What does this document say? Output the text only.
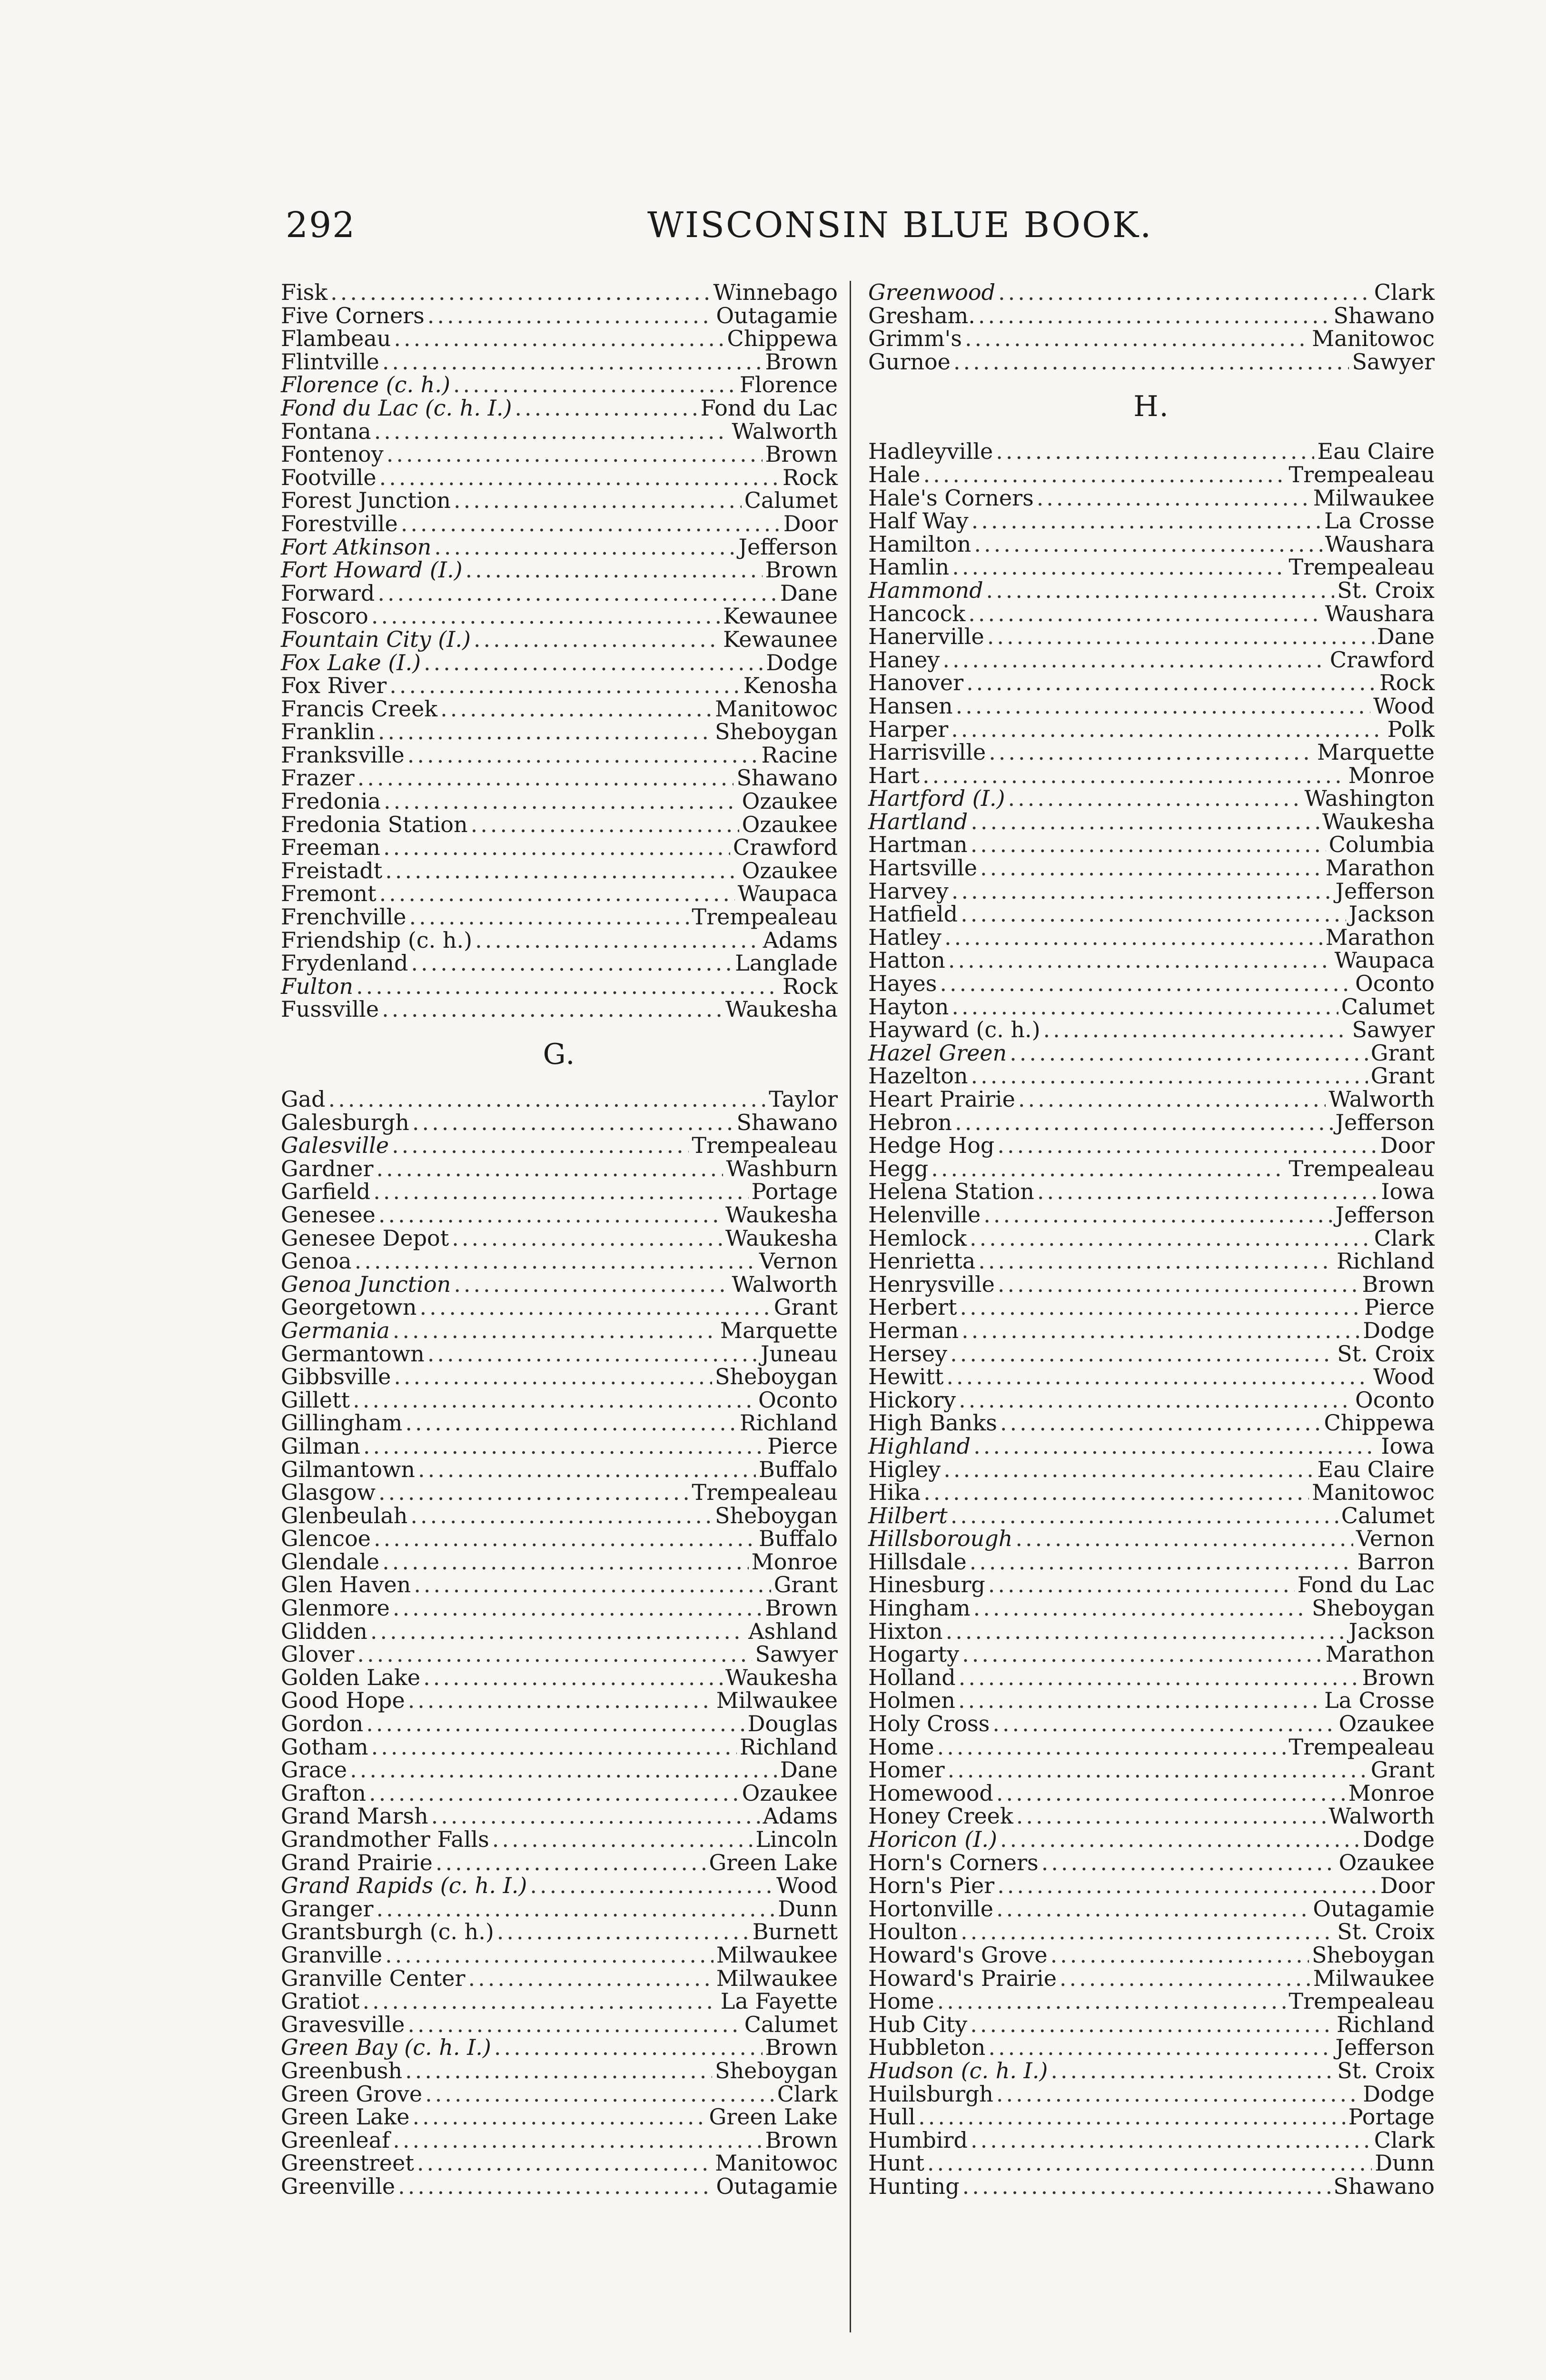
292	WISCONSIN BLUE BOOK.
Fisk .....	Winnebago
Five Corners .....	Outagamie
Flambeau .....	Chippewa
Flintville .....	Brown
Florence (c. h.) .....	Florence
Fond du Lac (c. h. I.) .....	Fond du Lac
Fontana .....	Walworth
Fontenoy .....	Brown
Footville .....	Rock
Forest Junction .....	Calumet
Forestville .....	Door
Fort Atkinson .....	Jefferson
Fort Howard (I.) .....	Brown
Forward .....	Dane
Foscoro .....	Kewaunee
Fountain City (I.) .....	Kewaunee
Fox Lake (I.) .....	Dodge
Fox River .....	Kenosha
Francis Creek .....	Manitowoc
Franklin .....	Sheboygan
Franksville .....	Racine
Frazer .....	Shawano
Fredonia .....	Ozaukee
Fredonia Station .....	Ozaukee
Freeman .....	Crawford
Freistadt .....	Ozaukee
Fremont .....	Waupaca
Frenchville .....	Trempealeau
Friendship (c. h.) .....	Adams
Frydenland .....	Langlade
Fulton .....	Rock
Fussville .....	Waukesha
G.
Gad .....	Taylor
Galesburgh .....	Shawano
Galesville .....	Trempealeau
Gardner .....	Washburn
Garfield .....	Portage
Genesee .....	Waukesha
Genesee Depot .....	Waukesha
Genoa .....	Vernon
Genoa Junction .....	Walworth
Georgetown .....	Grant
Germania .....	Marquette
Germantown .....	Juneau
Gibbsville .....	Sheboygan
Gillett .....	Oconto
Gillingham .....	Richland
Gilman .....	Pierce
Gilmantown .....	Buffalo
Glasgow .....	Trempealeau
Glenbeulah .....	Sheboygan
Glencoe .....	Buffalo
Glendale .....	Monroe
Glen Haven .....	Grant
Glenmore .....	Brown
Glidden .....	Ashland
Glover .....	Sawyer
Golden Lake .....	Waukesha
Good Hope .....	Milwaukee
Gordon .....	Douglas
Gotham .....	Richland
Grace .....	Dane
Grafton .....	Ozaukee
Grand Marsh .....	Adams
Grandmother Falls .....	Lincoln
Grand Prairie .....	Green Lake
Grand Rapids (c. h. I.) .....	Wood
Granger .....	Dunn
Grantsburgh (c. h.) .....	Burnett
Granville .....	Milwaukee
Granville Center .....	Milwaukee
Gratiot .....	La Fayette
Gravesville .....	Calumet
Green Bay (c. h. I.) .....	Brown
Greenbush .....	Sheboygan
Green Grove .....	Clark
Green Lake .....	Green Lake
Greenleaf .....	Brown
Greenstreet .....	Manitowoc
Greenville .....	Outagamie
Greenwood .....	Clark
Gresham. .....	Shawano
Grimm's .....	Manitowoc
Gurnoe .....	Sawyer
H.
Hadleyville .....	Eau Claire
Hale .....	Trempealeau
Hale's Corners .....	Milwaukee
Half Way .....	La Crosse
Hamilton .....	Waushara
Hamlin .....	Trempealeau
Hammond .....	St. Croix
Hancock .....	Waushara
Hanerville .....	Dane
Haney .....	Crawford
Hanover .....	Rock
Hansen .....	Wood
Harper .....	Polk
Harrisville .....	Marquette
Hart .....	Monroe
Hartford (I.) .....	Washington
Hartland .....	Waukesha
Hartman .....	Columbia
Hartsville .....	Marathon
Harvey .....	Jefferson
Hatfield .....	Jackson
Hatley .....	Marathon
Hatton .....	Waupaca
Hayes .....	Oconto
Hayton .....	Calumet
Hayward (c. h.) .....	Sawyer
Hazel Green .....	Grant
Hazelton .....	Grant
Heart Prairie .....	Walworth
Hebron .....	Jefferson
Hedge Hog .....	Door
Hegg .....	Trempealeau
Helena Station .....	Iowa
Helenville .....	Jefferson
Hemlock .....	Clark
Henrietta .....	Richland
Henrysville .....	Brown
Herbert .....	Pierce
Herman .....	Dodge
Hersey .....	St. Croix
Hewitt .....	Wood
Hickory .....	Oconto
High Banks .....	Chippewa
Highland .....	Iowa
Higley .....	Eau Claire
Hika .....	Manitowoc
Hilbert .....	Calumet
Hillsborough .....	Vernon
Hillsdale .....	Barron
Hinesburg .....	Fond du Lac
Hingham .....	Sheboygan
Hixton .....	Jackson
Hogarty .....	Marathon
Holland .....	Brown
Holmen .....	La Crosse
Holy Cross .....	Ozaukee
Home .....	Trempealeau
Homer .....	Grant
Homewood .....	Monroe
Honey Creek .....	Walworth
Horicon (I.) .....	Dodge
Horn's Corners .....	Ozaukee
Horn's Pier .....	Door
Hortonville .....	Outagamie
Houlton .....	St. Croix
Howard's Grove .....	Sheboygan
Howard's Prairie .....	Milwaukee
Home .....	Trempealeau
Hub City .....	Richland
Hubbleton .....	Jefferson
Hudson (c. h. I.) .....	St. Croix
Huilsburgh .....	Dodge
Hull .....	Portage
Humbird .....	Clark
Hunt .....	Dunn
Hunting .....	Shawano
